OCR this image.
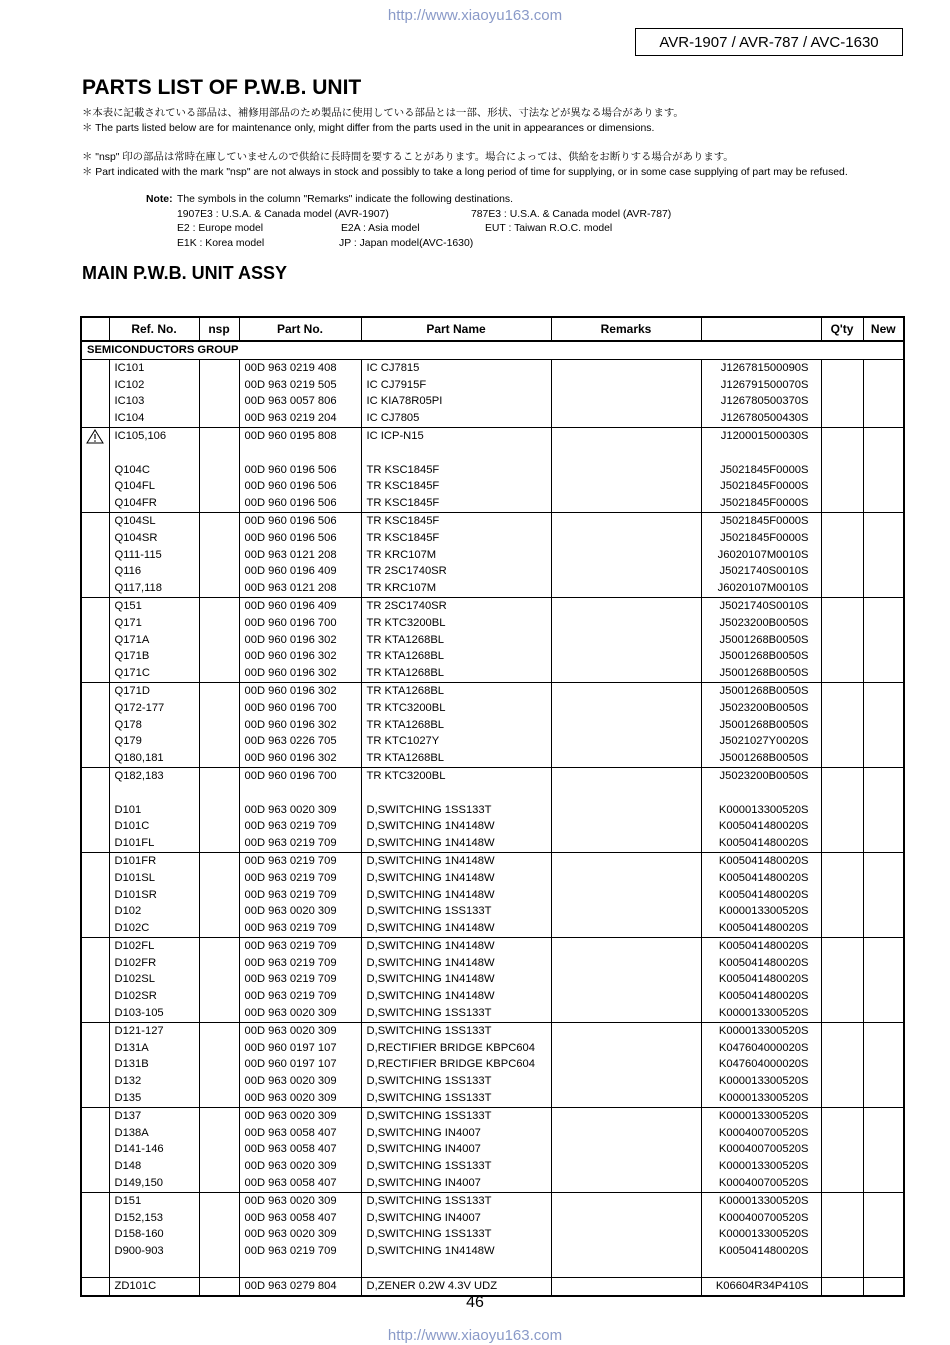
http://www.xiaoyu163.com
AVR-1907 / AVR-787 / AVC-1630
PARTS LIST OF P.W.B. UNIT

＊本表に記載されている部品は、補修用部品のため製品に使用している部品とは一部、形状、寸法などが異なる場合があります。

＊ The parts listed below are for maintenance only, might differ from the parts used in the unit in appearances or dimensions.

＊ "nsp" 印の部品は常時在庫していませんので供給に長時間を要することがあります。場合によっては、供給をお断りする場合があります。

＊ Part indicated with the mark "nsp" are not always in stock and possibly to take a long period of time for supplying, or in some case supplying of part may be refused.

Note: The symbols in the column "Remarks" indicate the following destinations.
1907E3 : U.S.A. & Canada model (AVR-1907)	787E3 : U.S.A. & Canada model (AVR-787)
E2 : Europe model	E2A : Asia model	EUT : Taiwan R.O.C. model
E1K : Korea model	JP : Japan model(AVC-1630)
MAIN P.W.B. UNIT ASSY
	Ref. No.	nsp	Part No.	Part Name	Remarks		Q'ty	New
SEMICONDUCTORS GROUP								
	IC101		00D 963 0219 408	IC CJ7815		J126781500090S		
	IC102		00D 963 0219 505	IC CJ7915F		J126791500070S		
	IC103		00D 963 0057 806	IC KIA78R05PI		J126780500370S		
	IC104		00D 963 0219 204	IC CJ7805		J126780500430S		
	IC105,106		00D 960 0195 808	IC ICP-N15		J120001500030S		

	Q104C		00D 960 0196 506	TR KSC1845F		J5021845F0000S		
	Q104FL		00D 960 0196 506	TR KSC1845F		J5021845F0000S		
	Q104FR		00D 960 0196 506	TR KSC1845F		J5021845F0000S		
	Q104SL		00D 960 0196 506	TR KSC1845F		J5021845F0000S		
	Q104SR		00D 960 0196 506	TR KSC1845F		J5021845F0000S		
	Q111-115		00D 963 0121 208	TR KRC107M		J6020107M0010S		
	Q116		00D 960 0196 409	TR 2SC1740SR		J5021740S0010S		
	Q117,118		00D 963 0121 208	TR KRC107M		J6020107M0010S		
	Q151		00D 960 0196 409	TR 2SC1740SR		J5021740S0010S		
	Q171		00D 960 0196 700	TR KTC3200BL		J5023200B0050S		
	Q171A		00D 960 0196 302	TR KTA1268BL		J5001268B0050S		
	Q171B		00D 960 0196 302	TR KTA1268BL		J5001268B0050S		
	Q171C		00D 960 0196 302	TR KTA1268BL		J5001268B0050S		
	Q171D		00D 960 0196 302	TR KTA1268BL		J5001268B0050S		
	Q172-177		00D 960 0196 700	TR KTC3200BL		J5023200B0050S		
	Q178		00D 960 0196 302	TR KTA1268BL		J5001268B0050S		
	Q179		00D 963 0226 705	TR KTC1027Y		J5021027Y0020S		
	Q180,181		00D 960 0196 302	TR KTA1268BL		J5001268B0050S		
	Q182,183		00D 960 0196 700	TR KTC3200BL		J5023200B0050S		

	D101		00D 963 0020 309	D,SWITCHING 1SS133T		K000013300520S		
	D101C		00D 963 0219 709	D,SWITCHING 1N4148W		K005041480020S		
	D101FL		00D 963 0219 709	D,SWITCHING 1N4148W		K005041480020S		
	D101FR		00D 963 0219 709	D,SWITCHING 1N4148W		K005041480020S		
	D101SL		00D 963 0219 709	D,SWITCHING 1N4148W		K005041480020S		
	D101SR		00D 963 0219 709	D,SWITCHING 1N4148W		K005041480020S		
	D102		00D 963 0020 309	D,SWITCHING 1SS133T		K000013300520S		
	D102C		00D 963 0219 709	D,SWITCHING 1N4148W		K005041480020S		
	D102FL		00D 963 0219 709	D,SWITCHING 1N4148W		K005041480020S		
	D102FR		00D 963 0219 709	D,SWITCHING 1N4148W		K005041480020S		
	D102SL		00D 963 0219 709	D,SWITCHING 1N4148W		K005041480020S		
	D102SR		00D 963 0219 709	D,SWITCHING 1N4148W		K005041480020S		
	D103-105		00D 963 0020 309	D,SWITCHING 1SS133T		K000013300520S		
	D121-127		00D 963 0020 309	D,SWITCHING 1SS133T		K000013300520S		
	D131A		00D 960 0197 107	D,RECTIFIER BRIDGE KBPC604		K047604000020S		
	D131B		00D 960 0197 107	D,RECTIFIER BRIDGE KBPC604		K047604000020S		
	D132		00D 963 0020 309	D,SWITCHING 1SS133T		K000013300520S		
	D135		00D 963 0020 309	D,SWITCHING 1SS133T		K000013300520S		
	D137		00D 963 0020 309	D,SWITCHING 1SS133T		K000013300520S		
	D138A		00D 963 0058 407	D,SWITCHING IN4007		K000400700520S		
	D141-146		00D 963 0058 407	D,SWITCHING IN4007		K000400700520S		
	D148		00D 963 0020 309	D,SWITCHING 1SS133T		K000013300520S		
	D149,150		00D 963 0058 407	D,SWITCHING IN4007		K000400700520S		
	D151		00D 963 0020 309	D,SWITCHING 1SS133T		K000013300520S		
	D152,153		00D 963 0058 407	D,SWITCHING IN4007		K000400700520S		
	D158-160		00D 963 0020 309	D,SWITCHING 1SS133T		K000013300520S		
	D900-903		00D 963 0219 709	D,SWITCHING 1N4148W		K005041480020S		

	ZD101C		00D 963 0279 804	D,ZENER 0.2W 4.3V UDZ		K06604R34P410S		
46
http://www.xiaoyu163.com
